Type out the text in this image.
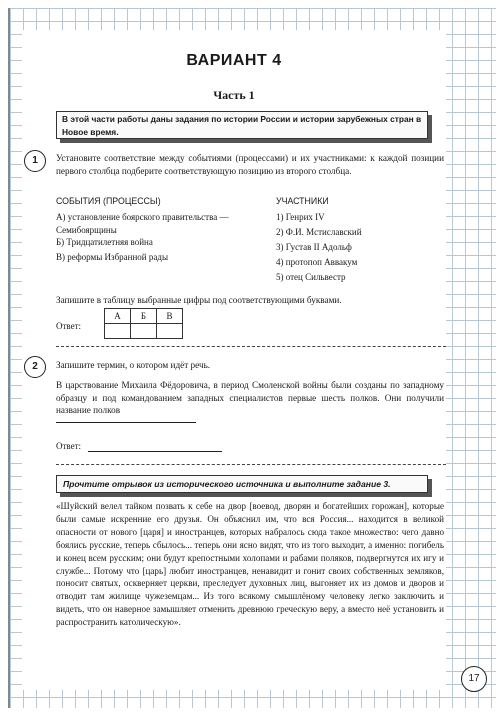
ВАРИАНТ 4
Часть 1
В этой части работы даны задания по истории России и истории зарубежных стран в Новое время.
1	Установите соответствие между событиями (процессами) и их участниками: к каждой позиции первого столбца подберите соответствующую позицию из второго столбца.
СОБЫТИЯ (ПРОЦЕССЫ)	УЧАСТНИКИ
А) установление боярского правительства — Семибоярщины
Б) Тридцатилетняя война
В) реформы Избранной рады
1) Генрих IV
2) Ф.И. Мстиславский
3) Густав II Адольф
4) протопоп Аввакум
5) отец Сильвестр
Запишите в таблицу выбранные цифры под соответствующими буквами.
Ответ:
А	Б	В

2	Запишите термин, о котором идёт речь.
В царствование Михаила Фёдоровича, в период Смоленской войны были созданы по западному образцу и под командованием западных специалистов первые шесть полков. Они получили название полков
Ответ:
Прочтите отрывок из исторического источника и выполните задание 3.
«Шуйский велел тайком позвать к себе на двор [воевод, дворян и богатейших горожан], которые были самые искренние его друзья. Он объяснил им, что вся Россия... находится в великой опасности от нового [царя] и иностранцев, которых набралось сюда такое множество: чего давно боялись русские, теперь сбылось... теперь они ясно видят, что из того выходит, а именно: погибель и конец всем русским; они будут крепостными холопами и рабами поляков, подвергнутся их игу и службе... Потому что [царь] любит иностранцев, ненавидит и гонит своих собственных земляков, поносит святых, оскверняет церкви, преследует духовных лиц, выгоняет их из домов и дворов и отводит там жилище чужеземцам... Из того всякому смышлёному человеку легко заключить и видеть, что он наверное замышляет отменить древнюю греческую веру, а вместо неё установить и распространить католическую».
17
